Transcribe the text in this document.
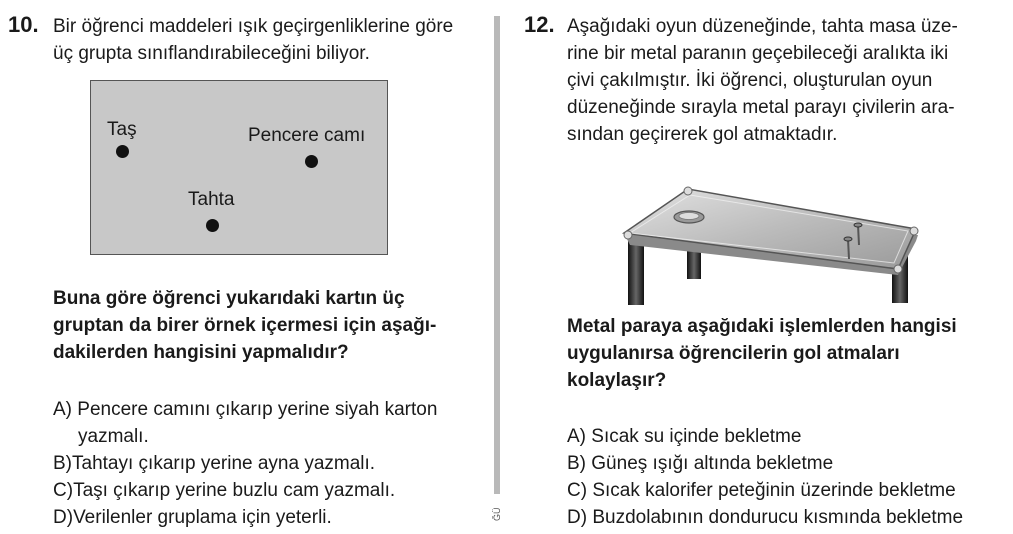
10. Bir öğrenci maddeleri ışık geçirgenliklerine göre
üç grupta sınıflandırabileceğini biliyor.
Taş	Pencere camı
Tahta
Buna göre öğrenci yukarıdaki kartın üç
gruptan da birer örnek içermesi için aşağı-
dakilerden hangisini yapmalıdır?
A) Pencere camını çıkarıp yerine siyah karton
yazmalı.
B)Tahtayı çıkarıp yerine ayna yazmalı.
C)Taşı çıkarıp yerine buzlu cam yazmalı.
D)Verilenler gruplama için yeterli.	ĞÜ
12. Aşağıdaki oyun düzeneğinde, tahta masa üze-
rine bir metal paranın geçebileceği aralıkta iki
çivi çakılmıştır. İki öğrenci, oluşturulan oyun
düzeneğinde sırayla metal parayı çivilerin ara-
sından geçirerek gol atmaktadır.
Metal paraya aşağıdaki işlemlerden hangisi
uygulanırsa öğrencilerin gol atmaları
kolaylaşır?
A) Sıcak su içinde bekletme
B) Güneş ışığı altında bekletme
C) Sıcak kalorifer peteğinin üzerinde bekletme
D) Buzdolabının dondurucu kısmında bekletme
